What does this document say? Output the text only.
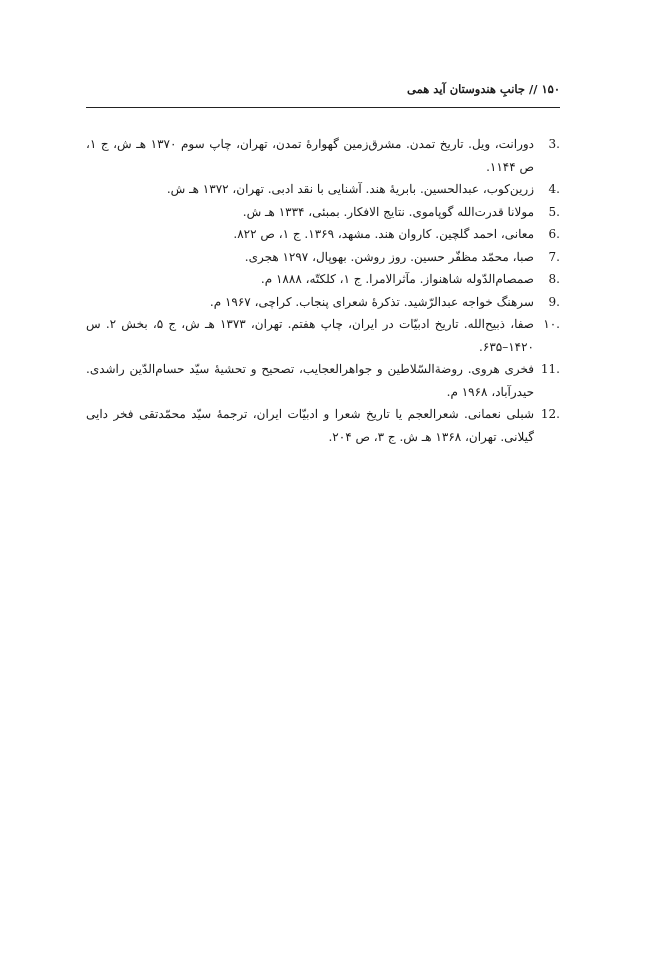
۱۵۰ // جانبِ هندوستان آید همی
.3
دورانت، ویل. تاریخ تمدن. مشرق‌زمین گهوارهٔ تمدن، تهران، چاپ سوم ۱۳۷۰ هـ ش، ج ۱، ص ۱۱۴۴.
.4
زرین‌کوب، عبدالحسین. بابریهٔ هند. آشنایی با نقد ادبی. تهران، ۱۳۷۲ هـ ش.
.5
مولانا قدرت‌الله گوپاموی. نتایج الافکار. بمبئی، ۱۳۳۴ هـ ش.
.6
معانی، احمد گلچین. کاروان هند. مشهد، ۱۳۶۹. ج ۱، ص ۸۲۲.
.7
صبا، محمّد مظفّر حسین. روز روشن. بهوپال، ۱۲۹۷ هجری.
.8
صمصام‌الدّوله شاهنواز. مآثرالامرا. ج ۱، کلکتّه، ۱۸۸۸ م.
.9
سرهنگ خواجه عبدالرّشید. تذکرهٔ شعرای پنجاب. کراچی، ۱۹۶۷ م.
.۱۰
صفا، ذبیح‌الله. تاریخ ادبیّات در ایران، چاپ هفتم. تهران، ۱۳۷۳ هـ ش، ج ۵، بخش ۲. س ۱۴۲۰–۶۳۵.
.11
فخری هروی. روضة‌السّلاطین و جواهرالعجایب، تصحیح و تحشیهٔ سیّد حسام‌الدّین راشدی. حیدرآباد، ۱۹۶۸ م.
.12
شبلی نعمانی. شعرالعجم یا تاریخ شعرا و ادبیّات ایران، ترجمهٔ سیّد محمّدتقی فخر دایی گیلانی. تهران، ۱۳۶۸ هـ ش. ج ۳، ص ۲۰۴.
